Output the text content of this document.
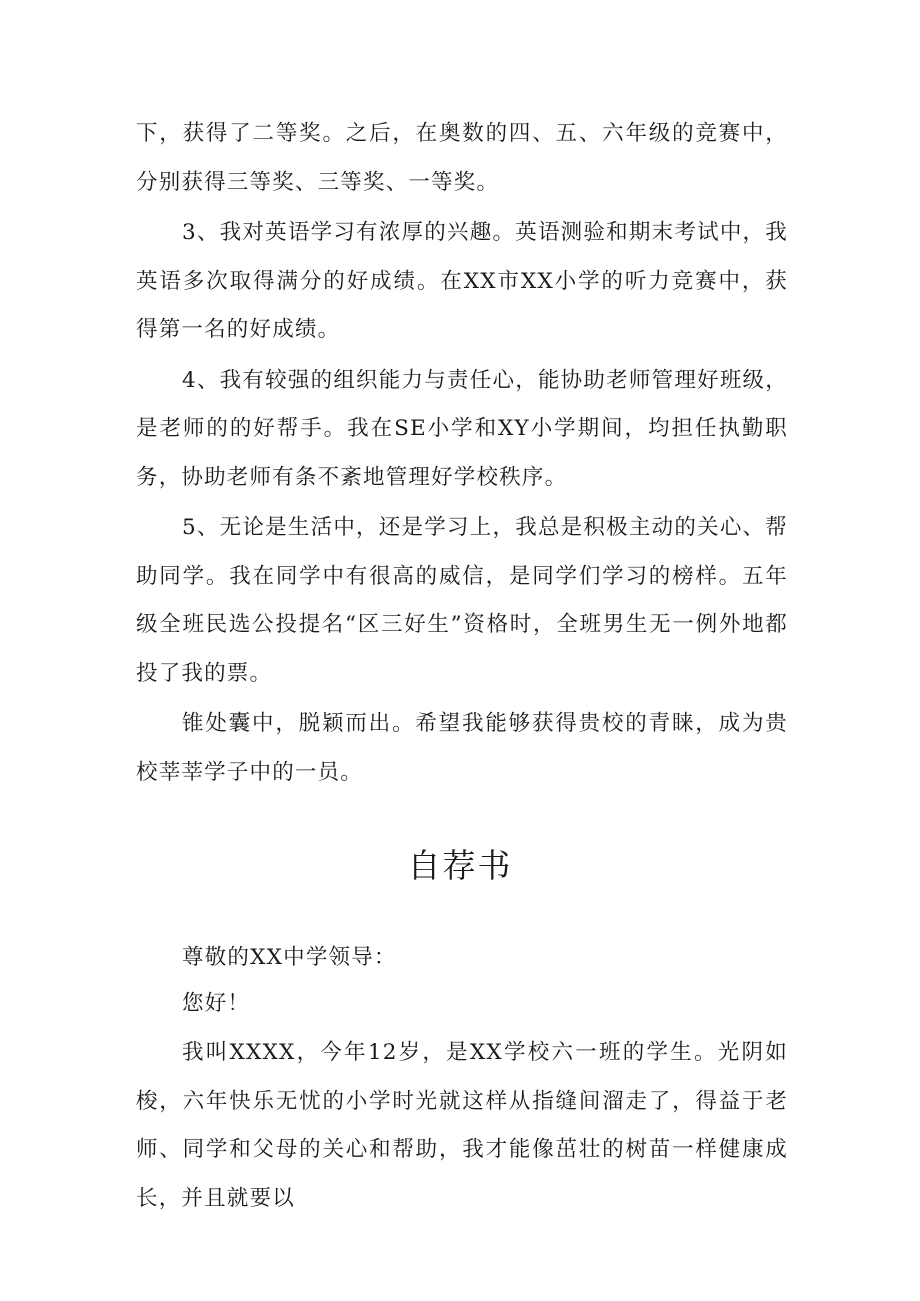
下，获得了二等奖。之后，在奥数的四、五、六年级的竞赛中，分别获得三等奖、三等奖、一等奖。

3、我对英语学习有浓厚的兴趣。英语测验和期末考试中，我英语多次取得满分的好成绩。在XX市XX小学的听力竞赛中，获得第一名的好成绩。

4、我有较强的组织能力与责任心，能协助老师管理好班级，是老师的的好帮手。我在SE小学和XY小学期间，均担任执勤职务，协助老师有条不紊地管理好学校秩序。

5、无论是生活中，还是学习上，我总是积极主动的关心、帮助同学。我在同学中有很高的威信，是同学们学习的榜样。五年级全班民选公投提名“区三好生”资格时，全班男生无一例外地都投了我的票。

锥处囊中，脱颖而出。希望我能够获得贵校的青睐，成为贵校莘莘学子中的一员。

自荐书

尊敬的XX中学领导：

您好！

我叫XXXX，今年12岁，是XX学校六一班的学生。光阴如梭，六年快乐无忧的小学时光就这样从指缝间溜走了，得益于老师、同学和父母的关心和帮助，我才能像茁壮的树苗一样健康成长，并且就要以
